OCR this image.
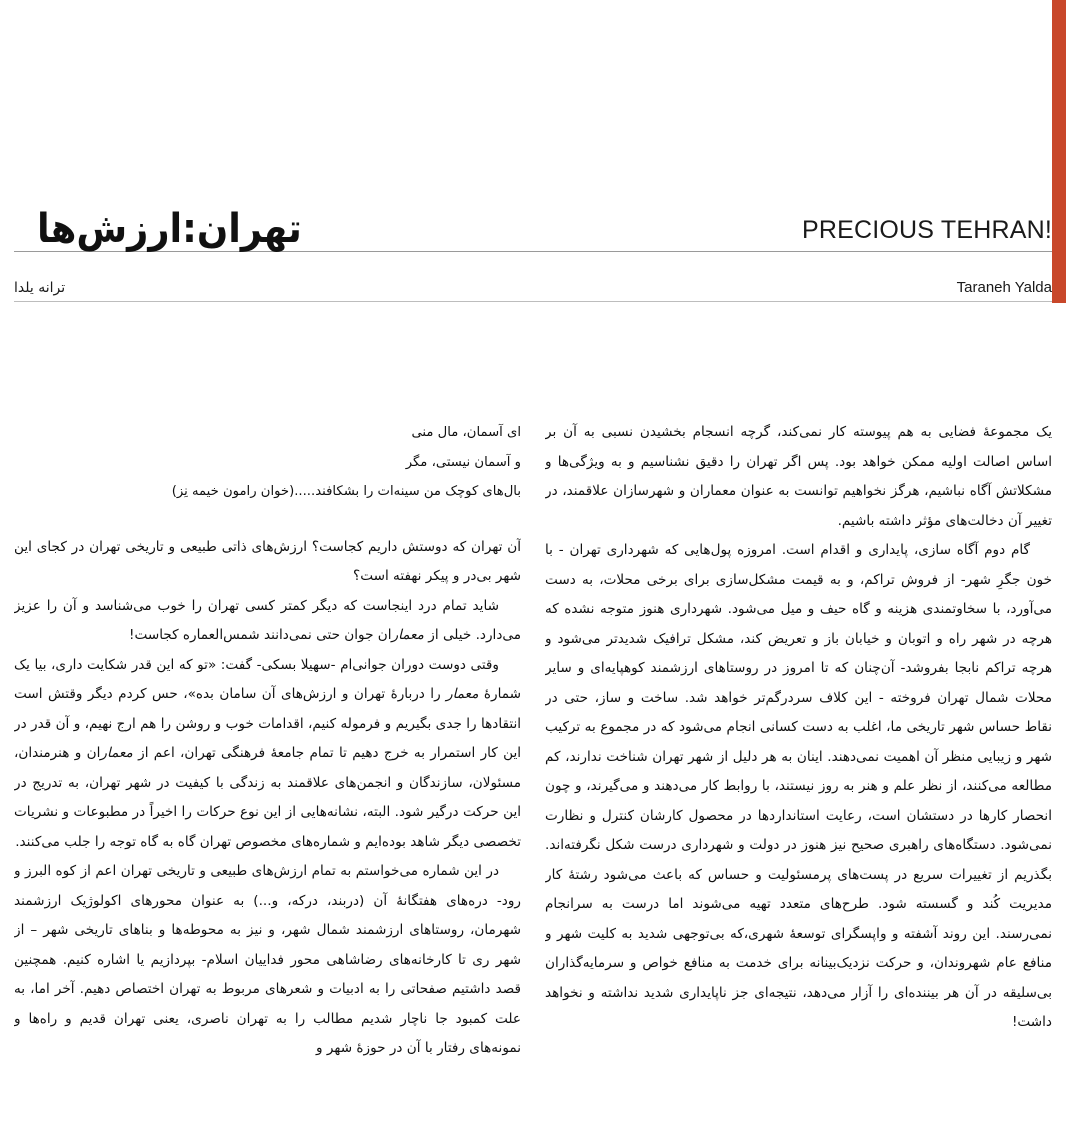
PRECIOUS TEHRAN!
تهران:ارزش‌ها
Taraneh Yalda
ترانه یلدا
ای آسمان، مال منی
و آسمان نیستی، مگر
بال‌های کوچک من سینه‌ات را بشکافند.....(خوان رامون خیمه نِز)

آن تهران که دوستش داریم کجاست؟ ارزش‌های ذاتی طبیعی و تاریخی تهران در کجای این شهر بی‌در و پیکر نهفته است؟

شاید تمام درد اینجاست که دیگر کمتر کسی تهران را خوب می‌شناسد و آن را عزیز می‌دارد. خیلی از معماران جوان حتی نمی‌دانند شمس‌العماره کجاست!

وقتی دوست دوران جوانی‌ام -سهیلا بسکی- گفت: «تو که این قدر شکایت داری، بیا یک شمارۀ معمار را دربارۀ تهران و ارزش‌های آن سامان بده»، حس کردم دیگر وقتش است انتقادها را جدی بگیریم و فرموله کنیم، اقدامات خوب و روشن را هم ارج نهیم، و آن قدر در این کار استمرار به خرج دهیم تا تمام جامعۀ فرهنگی تهران، اعم از معماران و هنرمندان، مسئولان، سازندگان و انجمن‌های علاقمند به زندگی با کیفیت در شهر تهران، به تدریج در این حرکت درگیر شود. البته، نشانه‌هایی از این نوع حرکات را اخیراً در مطبوعات و نشریات تخصصی دیگر شاهد بوده‌ایم و شماره‌های مخصوص تهران گاه به گاه توجه را جلب می‌کنند.

در این شماره می‌خواستم به تمام ارزش‌های طبیعی و تاریخی تهران اعم از کوه البرز و رود- دره‌های هفتگانۀ آن (دربند، درکه، و...) به عنوان محورهای اکولوژیک ارزشمند شهرمان، روستاهای ارزشمند شمال شهر، و نیز به محوطه‌ها و بناهای تاریخی شهر – از شهر ری تا کارخانه‌های رضاشاهی محور فداییان اسلام- بپردازیم یا اشاره کنیم. همچنین قصد داشتیم صفحاتی را به ادبیات و شعرهای مربوط به تهران اختصاص دهیم. آخر اما، به علت کمبود جا ناچار شدیم مطالب را به تهران ناصری، یعنی تهران قدیم و راه‌ها و نمونه‌های رفتار با آن در حوزۀ شهر و

یک مجموعۀ فضایی به هم پیوسته کار نمی‌کند، گرچه انسجام بخشیدن نسبی به آن بر اساس اصالت اولیه ممکن خواهد بود. پس اگر تهران را دقیق نشناسیم و به ویژگی‌ها و مشکلاتش آگاه نباشیم، هرگز نخواهیم توانست به عنوان معماران و شهرسازان علاقمند، در تغییر آن دخالت‌های مؤثر داشته باشیم.

گام دوم آگاه سازی، پایداری و اقدام است. امروزه پول‌هایی که شهرداری تهران - با خون جگرِ شهر- از فروش تراکم، و به قیمت مشکل‌سازی برای برخی محلات، به دست می‌آورد، با سخاوتمندی هزینه و گاه حیف و میل می‌شود. شهرداری هنوز متوجه نشده که هرچه در شهر راه و اتوبان و خیابان باز و تعریض کند، مشکل ترافیک شدیدتر می‌شود و هرچه تراکم نابجا بفروشد- آن‌چنان که تا امروز در روستاهای ارزشمند کوهپایه‌ای و سایر محلات شمال تهران فروخته - این کلاف سردرگم‌تر خواهد شد. ساخت و ساز، حتی در نقاط حساس شهر تاریخی ما، اغلب به دست کسانی انجام می‌شود که در مجموع به ترکیب شهر و زیبایی منظر آن اهمیت نمی‌دهند. اینان به هر دلیل از شهر تهران شناخت ندارند، کم مطالعه می‌کنند، از نظر علم و هنر به روز نیستند، با روابط کار می‌دهند و می‌گیرند، و چون انحصار کارها در دستشان است، رعایت استانداردها در محصول کارشان کنترل و نظارت نمی‌شود. دستگاه‌های راهبری صحیح نیز هنوز در دولت و شهرداری درست شکل نگرفته‌اند. بگذریم از تغییرات سریع در پست‌های پرمسئولیت و حساس که باعث می‌شود رشتۀ کار مدیریت کُند و گسسته شود. طرح‌های متعدد تهیه می‌شوند اما درست به سرانجام نمی‌رسند. این روند آشفته و واپسگرای توسعۀ شهری،که بی‌توجهی شدید به کلیت شهر و منافع عام شهروندان، و حرکت نزدیک‌بینانه برای خدمت به منافع خواص و سرمایه‌گذاران بی‌سلیقه در آن هر بیننده‌ای را آزار می‌دهد، نتیجه‌ای جز ناپایداری شدید نداشته و نخواهد داشت!
